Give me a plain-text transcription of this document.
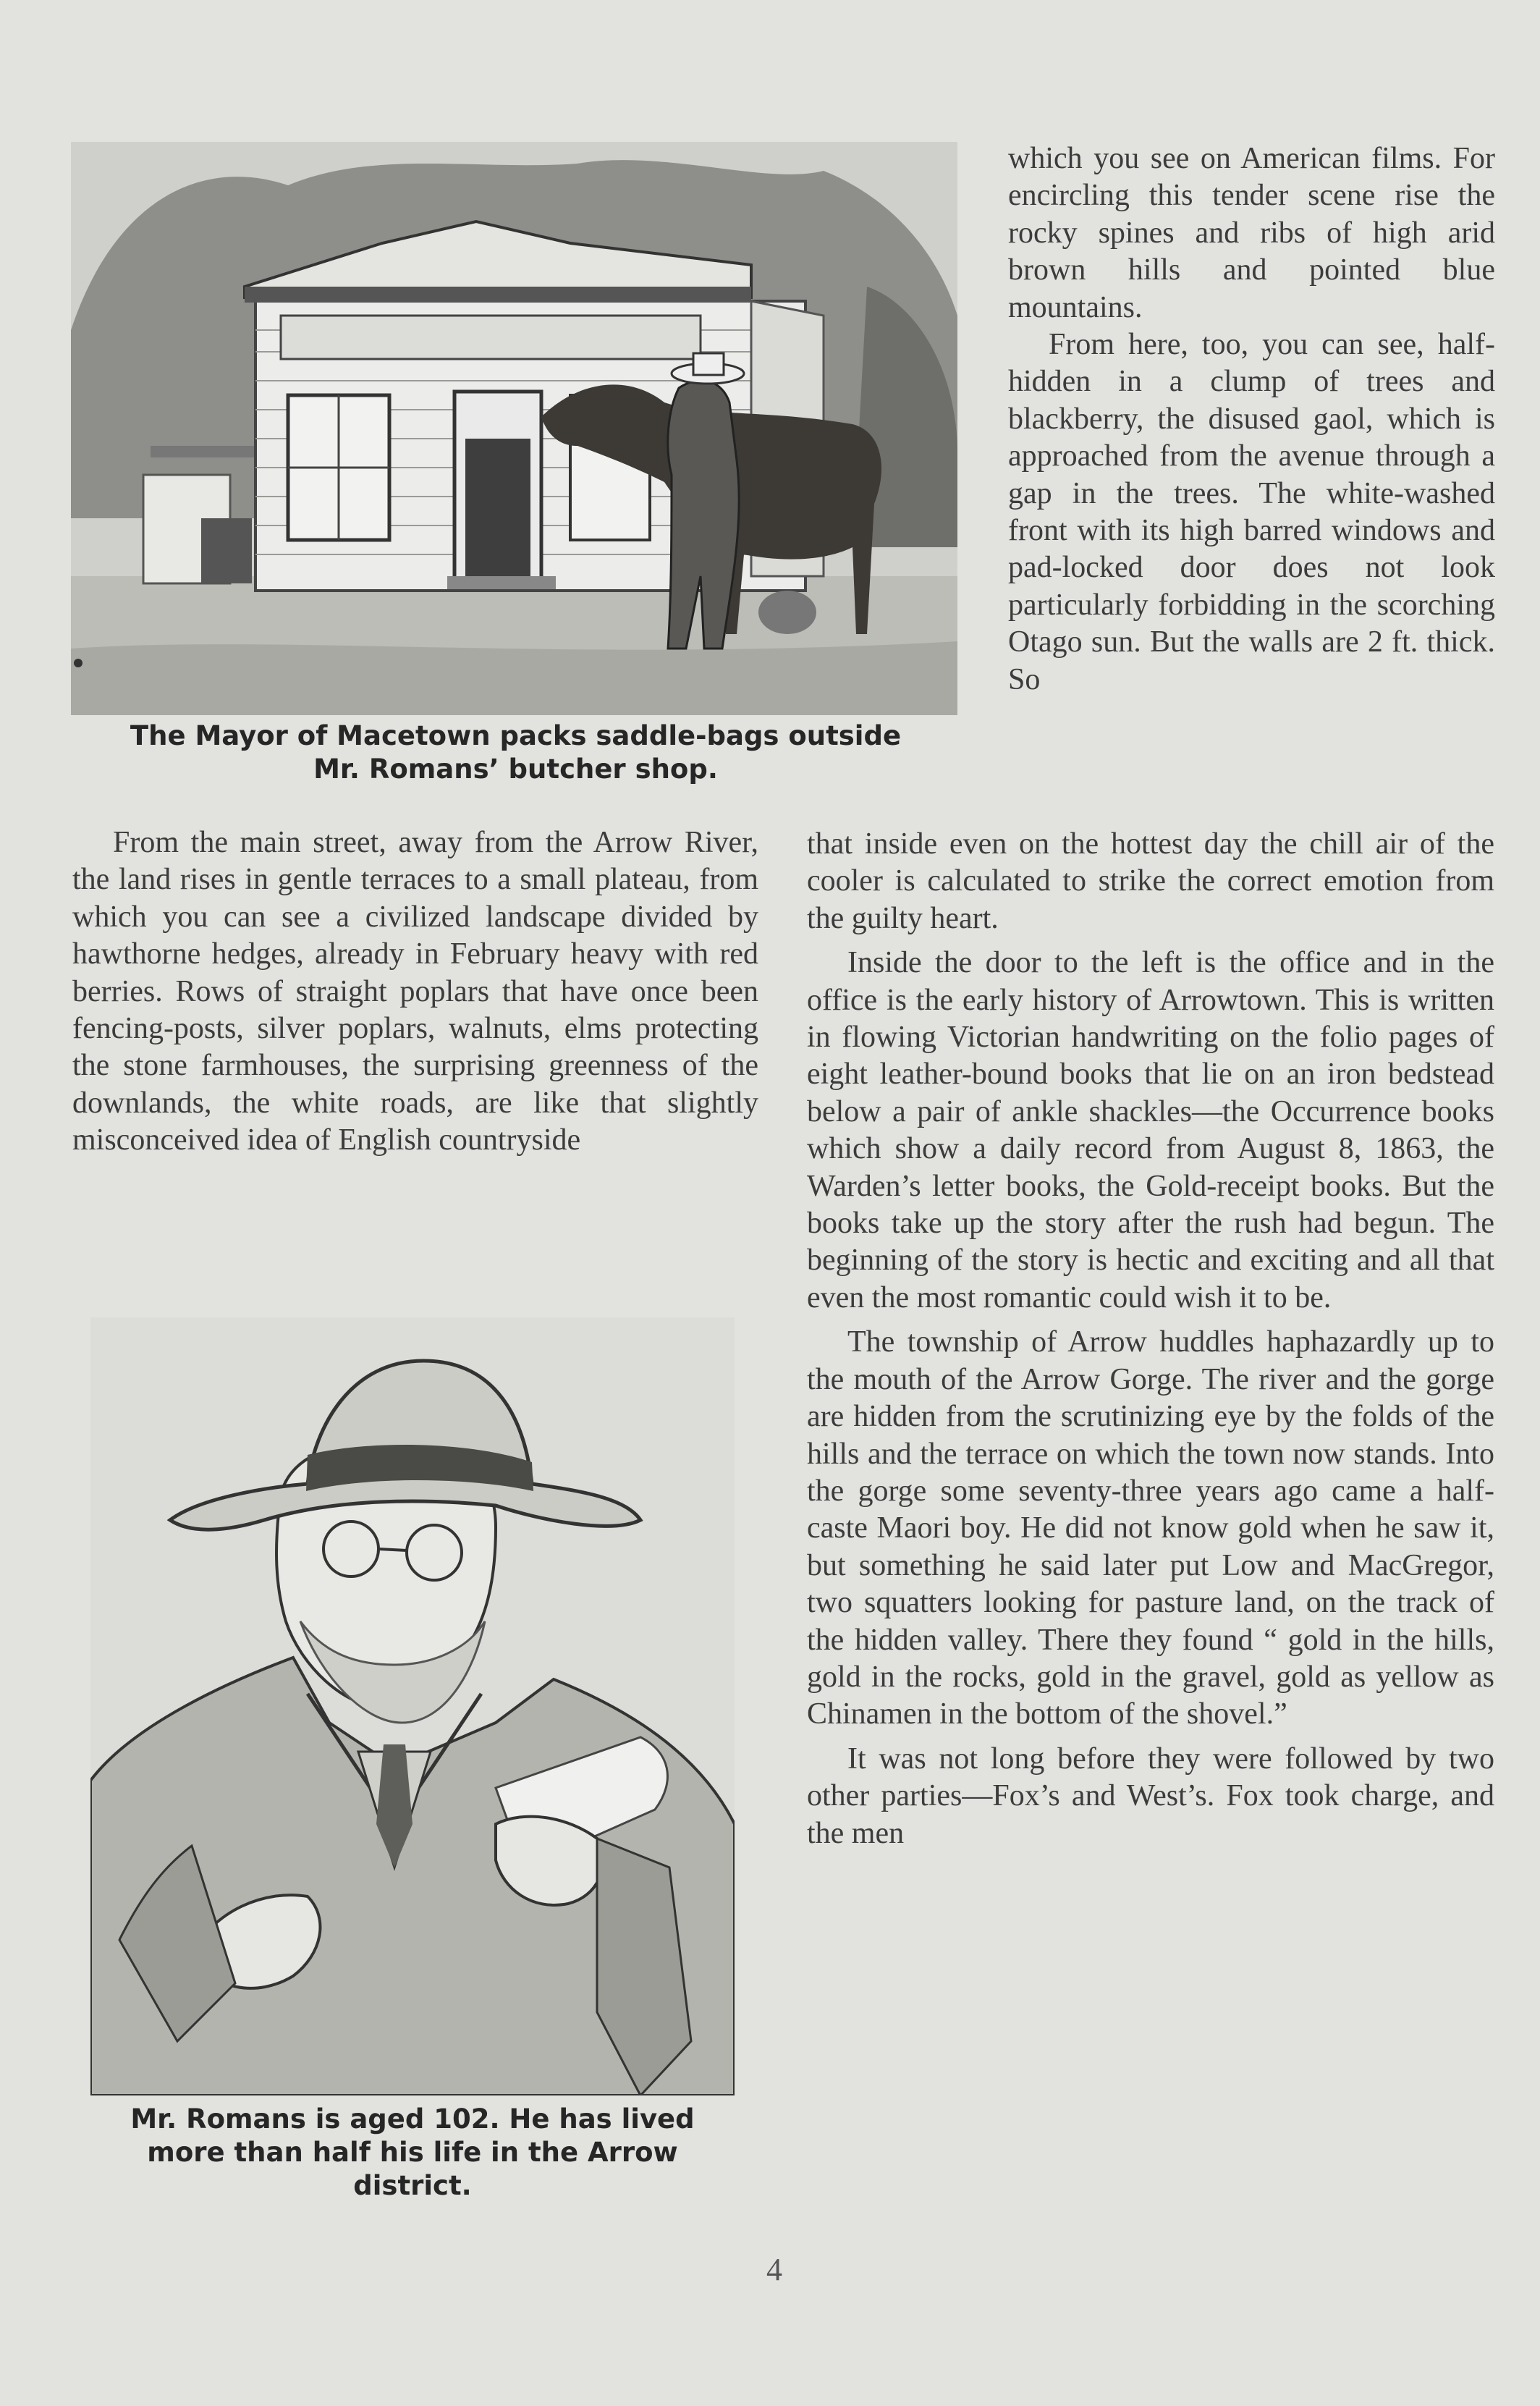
The Mayor of Macetown packs saddle-bags outside
Mr. Romans’ butcher shop.
Mr. Romans is aged 102. He has lived
more than half his life in the Arrow
district.

which you see on American films. For encircling this tender scene rise the rocky spines and ribs of high arid brown hills and pointed blue mountains.

From here, too, you can see, half-hidden in a clump of trees and blackberry, the disused gaol, which is approached from the avenue through a gap in the trees. The white-washed front with its high barred windows and pad-locked door does not look particularly forbidding in the scorching Otago sun. But the walls are 2 ft. thick. So

From the main street, away from the Arrow River, the land rises in gentle terraces to a small plateau, from which you can see a civilized landscape divided by hawthorne hedges, already in February heavy with red berries. Rows of straight poplars that have once been fencing-posts, silver poplars, walnuts, elms protecting the stone farmhouses, the surprising greenness of the downlands, the white roads, are like that slightly misconceived idea of English countryside

that inside even on the hottest day the chill air of the cooler is calculated to strike the correct emotion from the guilty heart.

Inside the door to the left is the office and in the office is the early history of Arrowtown. This is written in flowing Victorian handwriting on the folio pages of eight leather-bound books that lie on an iron bedstead below a pair of ankle shackles—the Occurrence books which show a daily record from August 8, 1863, the Warden’s letter books, the Gold-receipt books. But the books take up the story after the rush had begun. The beginning of the story is hectic and exciting and all that even the most romantic could wish it to be.

The township of Arrow huddles haphazardly up to the mouth of the Arrow Gorge. The river and the gorge are hidden from the scrutinizing eye by the folds of the hills and the terrace on which the town now stands. Into the gorge some seventy-three years ago came a half-caste Maori boy. He did not know gold when he saw it, but something he said later put Low and MacGregor, two squatters looking for pasture land, on the track of the hidden valley. There they found “ gold in the hills, gold in the rocks, gold in the gravel, gold as yellow as Chinamen in the bottom of the shovel.”

It was not long before they were followed by two other parties—Fox’s and West’s. Fox took charge, and the men

4
